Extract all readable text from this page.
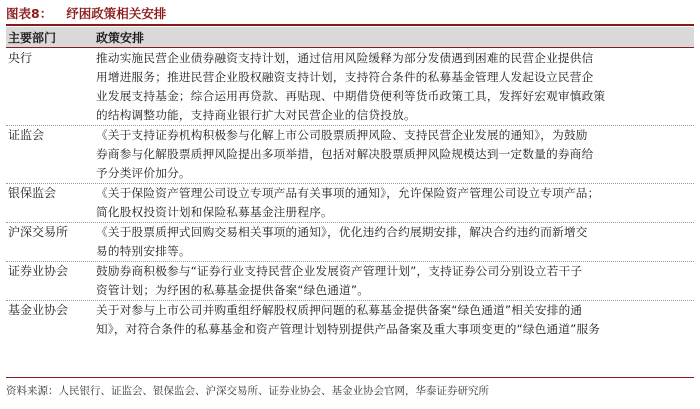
图表8： 纾困政策相关安排
主要部门	政策安排
央行	推动实施民营企业债券融资支持计划，通过信用风险缓释为部分发债遇到困难的民营企业提供信
用增进服务；推进民营企业股权融资支持计划，支持符合条件的私募基金管理人发起设立民营企
业发展支持基金；综合运用再贷款、再贴现、中期借贷便利等货币政策工具，发挥好宏观审慎政策
的结构调整功能，支持商业银行扩大对民营企业的信贷投放。
证监会	《关于支持证券机构积极参与化解上市公司股票质押风险、支持民营企业发展的通知》，为鼓励
券商参与化解股票质押风险提出多项举措，包括对解决股票质押风险规模达到一定数量的券商给
予分类评价加分。
银保监会	《关于保险资产管理公司设立专项产品有关事项的通知》，允许保险资产管理公司设立专项产品；
简化股权投资计划和保险私募基金注册程序。
沪深交易所	《关于股票质押式回购交易相关事项的通知》，优化违约合约展期安排，解决合约违约而新增交
易的特别安排等。
证券业协会	鼓励券商积极参与“证券行业支持民营企业发展资产管理计划”，支持证券公司分别设立若干子
资管计划；为纾困的私募基金提供备案“绿色通道”。
基金业协会	关于对参与上市公司并购重组纾解股权质押问题的私募基金提供备案“绿色通道”相关安排的通
知》，对符合条件的私募基金和资产管理计划特别提供产品备案及重大事项变更的“绿色通道”服务
资料来源：人民银行、证监会、银保监会、沪深交易所、证券业协会、基金业协会官网，华泰证券研究所
